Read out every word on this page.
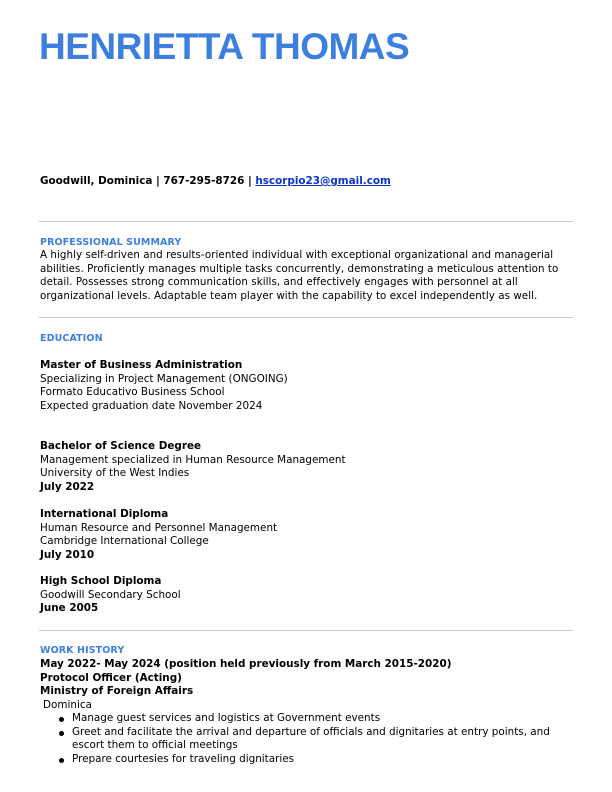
HENRIETTA THOMAS
Goodwill, Dominica | 767-295-8726 | hscorpio23@gmail.com
PROFESSIONAL SUMMARY

A highly self-driven and results-oriented individual with exceptional organizational and managerial abilities. Proficiently manages multiple tasks concurrently, demonstrating a meticulous attention to detail. Possesses strong communication skills, and effectively engages with personnel at all organizational levels. Adaptable team player with the capability to excel independently as well.

EDUCATION
Master of Business Administration
Specializing in Project Management (ONGOING)
Formato Educativo Business School
Expected graduation date November 2024
Bachelor of Science Degree
Management specialized in Human Resource Management
University of the West Indies
July 2022
International Diploma
Human Resource and Personnel Management
Cambridge International College
July 2010
High School Diploma
Goodwill Secondary School
June 2005
WORK HISTORY
May 2022- May 2024 (position held previously from March 2015-2020)
Protocol Officer (Acting)
Ministry of Foreign Affairs
Dominica
Manage guest services and logistics at Government events
Greet and facilitate the arrival and departure of officials and dignitaries at entry points, and escort them to official meetings
Prepare courtesies for traveling dignitaries
